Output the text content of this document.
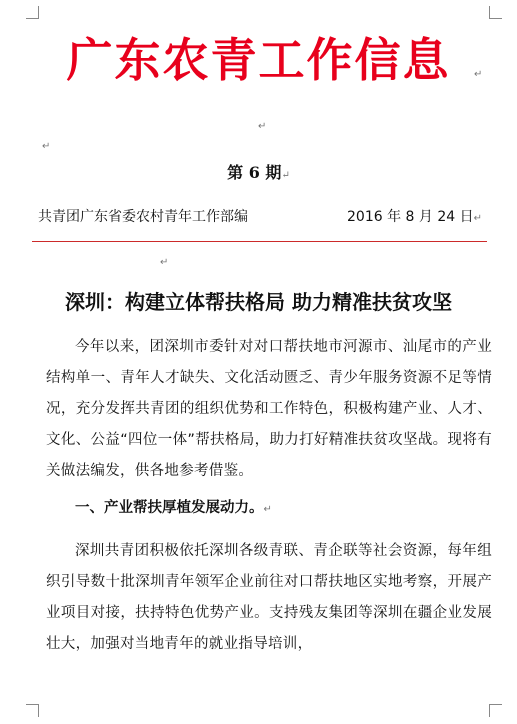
广东农青工作信息	↵
↵
↵
第 6 期↵
共青团广东省委农村青年工作部编	2016 年 8 月 24 日↵
↵
深圳：构建立体帮扶格局 助力精准扶贫攻坚

今年以来，团深圳市委针对对口帮扶地市河源市、汕尾市的产业结构单一、青年人才缺失、文化活动匮乏、青少年服务资源不足等情况，充分发挥共青团的组织优势和工作特色，积极构建产业、人才、文化、公益“四位一体”帮扶格局，助力打好精准扶贫攻坚战。现将有关做法编发，供各地参考借鉴。

一、产业帮扶厚植发展动力。↵

深圳共青团积极依托深圳各级青联、青企联等社会资源，每年组织引导数十批深圳青年领军企业前往对口帮扶地区实地考察，开展产业项目对接，扶持特色优势产业。支持残友集团等深圳在疆企业发展壮大，加强对当地青年的就业指导培训，
